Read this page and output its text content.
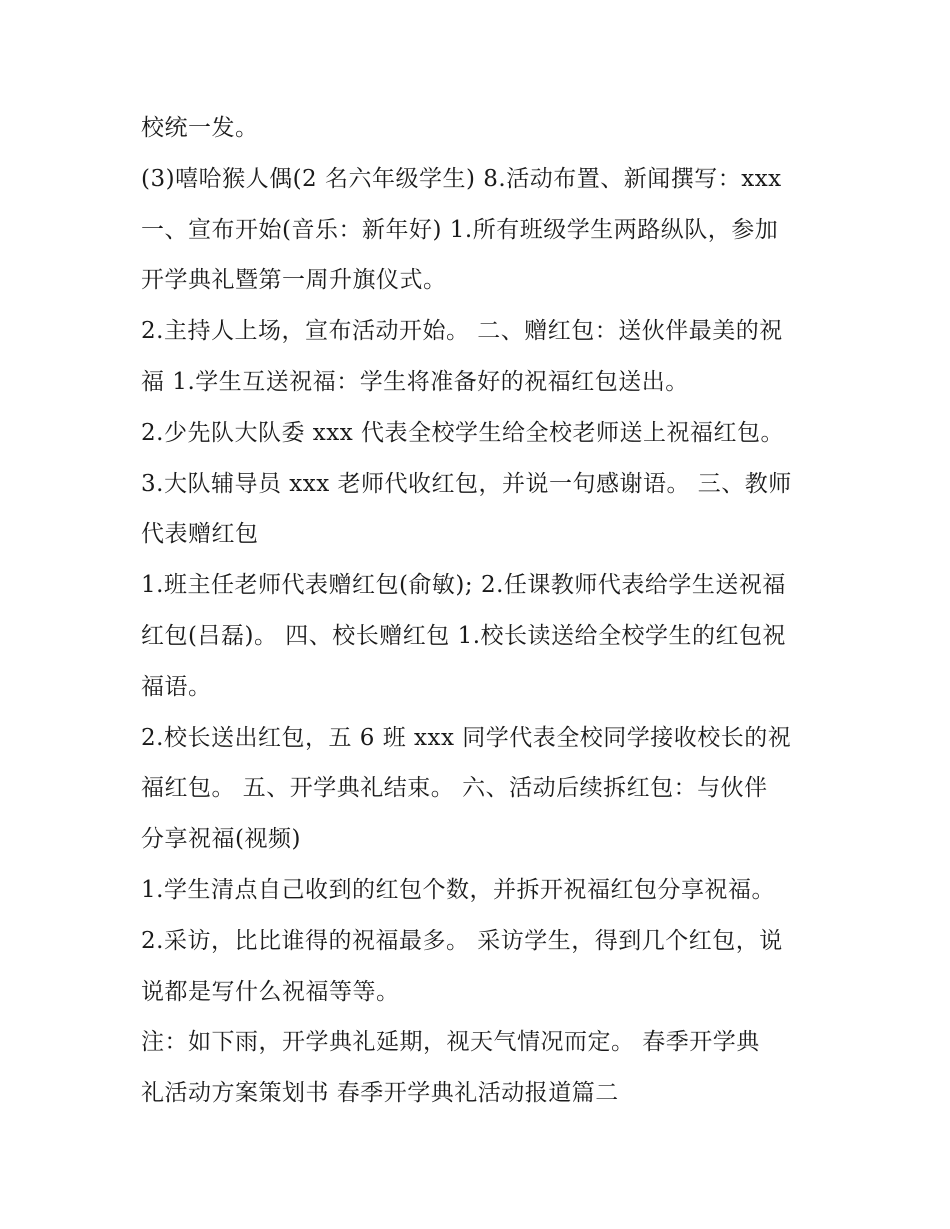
校统一发。
(3)嘻哈猴人偶(2 名六年级学生) 8.活动布置、新闻撰写：xxx
一、宣布开始(音乐：新年好) 1.所有班级学生两路纵队，参加
开学典礼暨第一周升旗仪式。
2.主持人上场，宣布活动开始。 二、赠红包：送伙伴最美的祝
福 1.学生互送祝福：学生将准备好的祝福红包送出。
2.少先队大队委 xxx 代表全校学生给全校老师送上祝福红包。
3.大队辅导员 xxx 老师代收红包，并说一句感谢语。 三、教师
代表赠红包
1.班主任老师代表赠红包(俞敏); 2.任课教师代表给学生送祝福
红包(吕磊)。 四、校长赠红包 1.校长读送给全校学生的红包祝
福语。
2.校长送出红包，五 6 班 xxx 同学代表全校同学接收校长的祝
福红包。 五、开学典礼结束。 六、活动后续拆红包：与伙伴
分享祝福(视频)
1.学生清点自己收到的红包个数，并拆开祝福红包分享祝福。
2.采访，比比谁得的祝福最多。 采访学生，得到几个红包，说
说都是写什么祝福等等。
注：如下雨，开学典礼延期，视天气情况而定。 春季开学典
礼活动方案策划书 春季开学典礼活动报道篇二
